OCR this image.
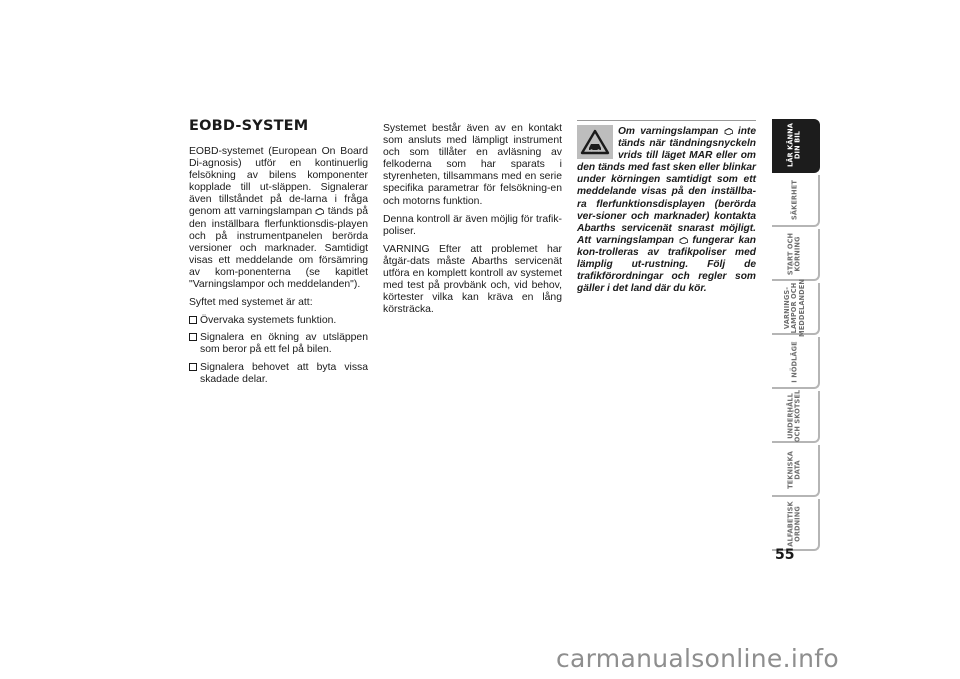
EOBD-SYSTEM

EOBD-systemet (European On Board Di-agnosis) utför en kontinuerlig felsökning av bilens komponenter kopplade till ut-släppen. Signalerar även tillståndet på de-larna i fråga genom att varningslampan  tänds på den inställbara flerfunktionsdis-playen och på instrumentpanelen berörda versioner och marknader. Samtidigt visas ett meddelande om försämring av kom-ponenterna (se kapitlet "Varningslampor och meddelanden").

Syftet med systemet är att:

Övervaka systemets funktion.
Signalera en ökning av utsläppen som beror på ett fel på bilen.
Signalera behovet att byta vissa skadade delar.

Systemet består även av en kontakt som ansluts med lämpligt instrument och som tillåter en avläsning av felkoderna som har sparats i styrenheten, tillsammans med en serie specifika parametrar för felsökning-en och motorns funktion.

Denna kontroll är även möjlig för trafik-poliser.

VARNING Efter att problemet har åtgär-dats måste Abarths servicenät utföra en komplett kontroll av systemet med test på provbänk och, vid behov, körtester vilka kan kräva en lång körsträcka.

Om varningslampan  inte tänds när tändningsnyckeln vrids till läget MAR eller om den tänds med fast sken eller blinkar under körningen samtidigt som ett meddelande visas på den inställba-ra flerfunktionsdisplayen (berörda ver-sioner och marknader) kontakta Abarths servicenät snarast möjligt. Att varningslampan  fungerar kan kon-trolleras av trafikpoliser med lämplig ut-rustning. Följ de trafikförordningar och regler som gäller i det land där du kör.
LÄR KÄNNA
DIN BIL
SÄKERHET
START OCH
KÖRNING
VARNINGS-
LAMPOR OCH
MEDDELANDEN
I NÖDLÄGE
UNDERHÅLL
OCH SKÖTSEL
TEKNISKA
DATA
ALFABETISK
ORDNING
55
carmanualsonline.info
